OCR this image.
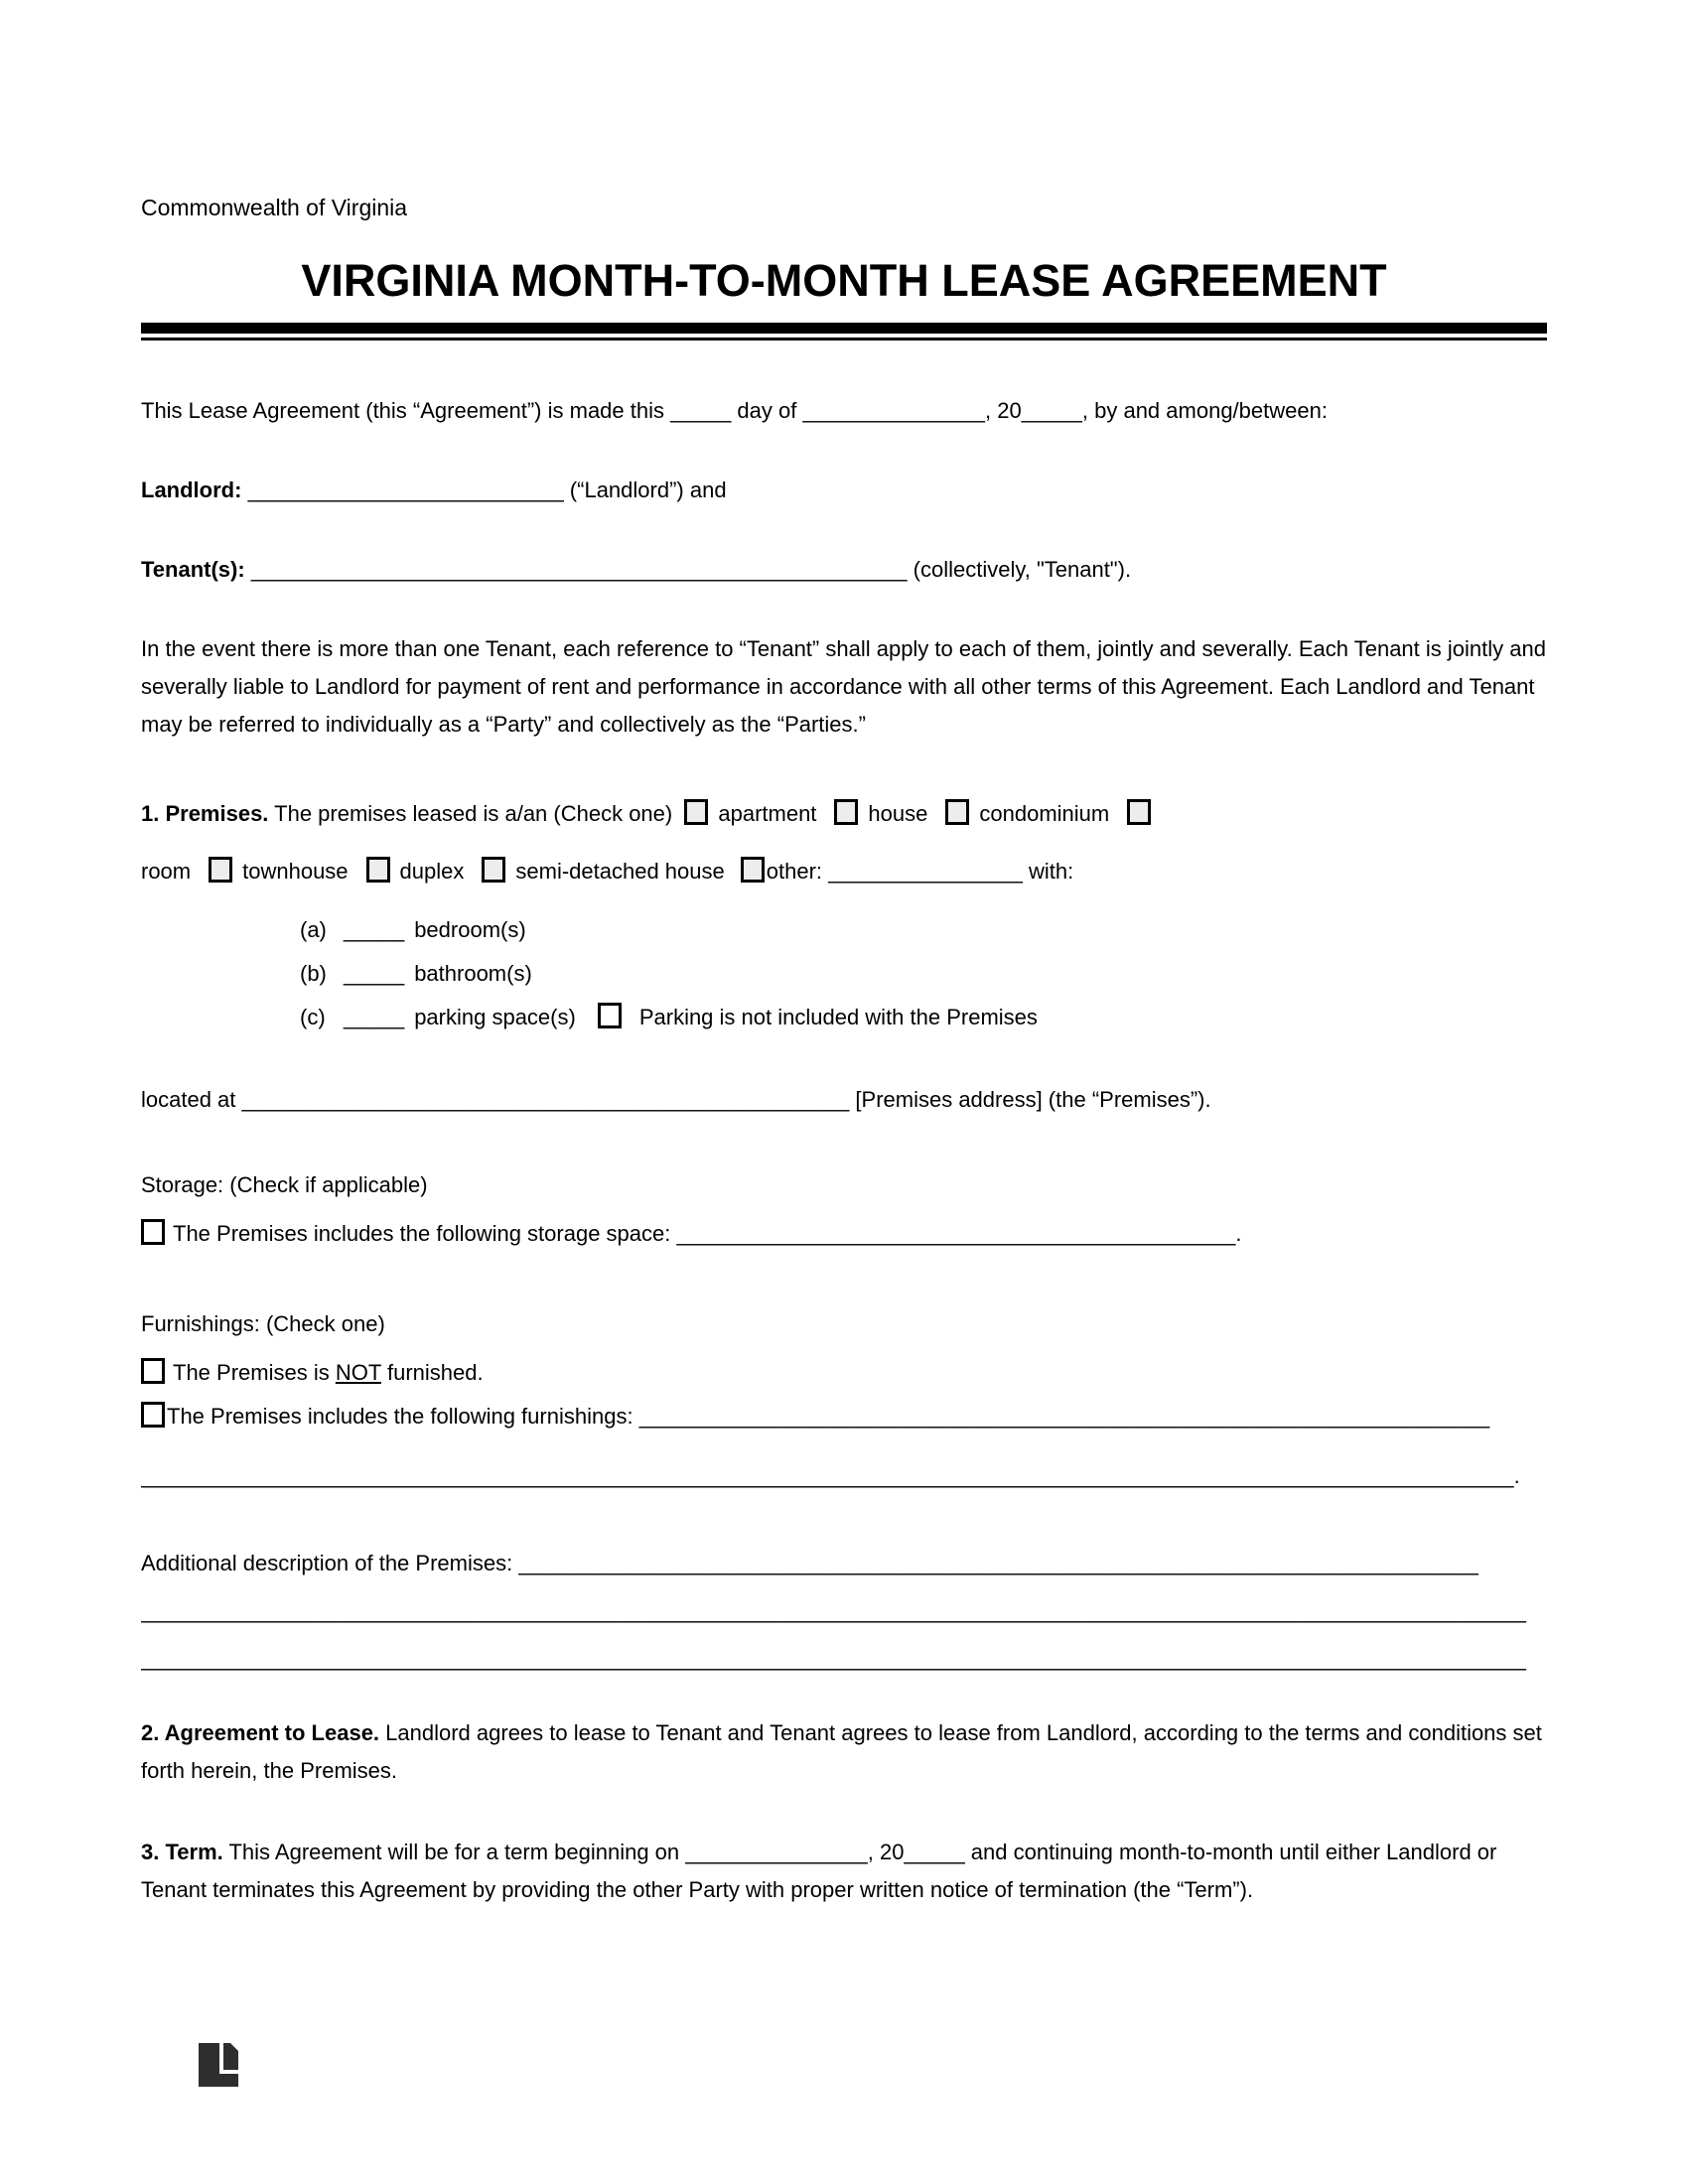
Commonwealth of Virginia
VIRGINIA MONTH-TO-MONTH LEASE AGREEMENT

This Lease Agreement (this “Agreement”) is made this _____ day of _______________, 20_____, by and among/between:

Landlord: __________________________ (“Landlord”) and
Tenant(s): ______________________________________________________ (collectively, "Tenant").

In the event there is more than one Tenant, each reference to “Tenant” shall apply to each of them, jointly and severally. Each Tenant is jointly and severally liable to Landlord for payment of rent and performance in accordance with all other terms of this Agreement. Each Landlord and Tenant may be referred to individually as a “Party” and collectively as the “Parties.”

1. Premises. The premises leased is a/an (Check one) apartment house condominium
room townhouse duplex semi-detached house other: ________________ with:
(a) _____ bedroom(s)
(b) _____ bathroom(s)
(c) _____ parking space(s)	Parking is not included with the Premises
located at __________________________________________________ [Premises address] (the “Premises”).
Storage: (Check if applicable)
The Premises includes the following storage space: ______________________________________________.
Furnishings: (Check one)
The Premises is NOT furnished.
The Premises includes the following furnishings: ______________________________________________________________________
_________________________________________________________________________________________________________________.
Additional description of the Premises: _______________________________________________________________________________
__________________________________________________________________________________________________________________
__________________________________________________________________________________________________________________

2. Agreement to Lease. Landlord agrees to lease to Tenant and Tenant agrees to lease from Landlord, according to the terms and conditions set forth herein, the Premises.

3. Term. This Agreement will be for a term beginning on _______________, 20_____ and continuing month-to-month until either Landlord or Tenant terminates this Agreement by providing the other Party with proper written notice of termination (the “Term”).
